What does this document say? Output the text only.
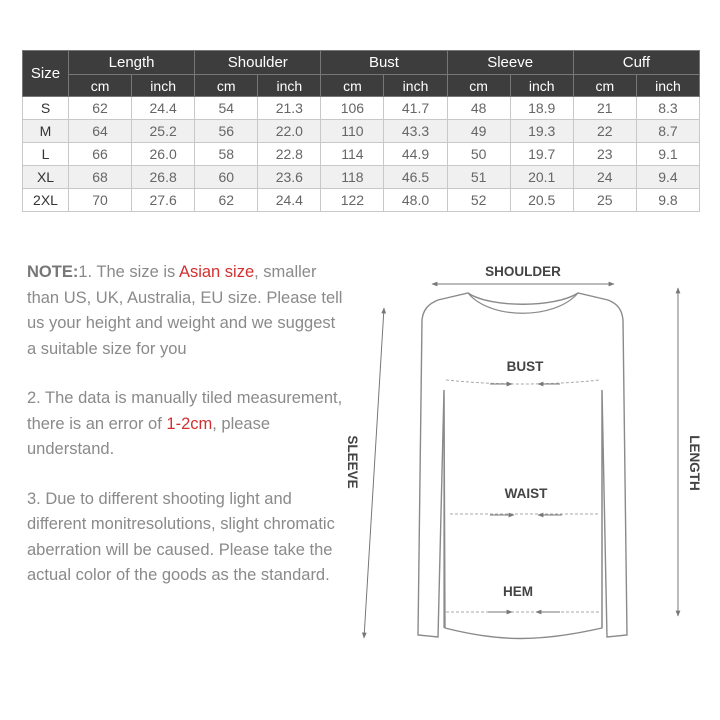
Size	Length		Shoulder		Bust		Sleeve		Cuff	
	cm	inch	cm	inch	cm	inch	cm	inch	cm	inch
S	62	24.4	54	21.3	106	41.7	48	18.9	21	8.3
M	64	25.2	56	22.0	110	43.3	49	19.3	22	8.7
L	66	26.0	58	22.8	114	44.9	50	19.7	23	9.1
XL	68	26.8	60	23.6	118	46.5	51	20.1	24	9.4
2XL	70	27.6	62	24.4	122	48.0	52	20.5	25	9.8

NOTE:1. The size is Asian size, smaller than US, UK, Australia, EU size. Please tell us your height and weight and we suggest a suitable size for you

2. The data is manually tiled measurement, there is an error of 1-2cm, please understand.

3. Due to different shooting light and different monitresolutions, slight chromatic aberration will be caused. Please take the actual color of the goods as the standard.

SHOULDER
BUST
WAIST
HEM
SLEEVE	LENGTH
